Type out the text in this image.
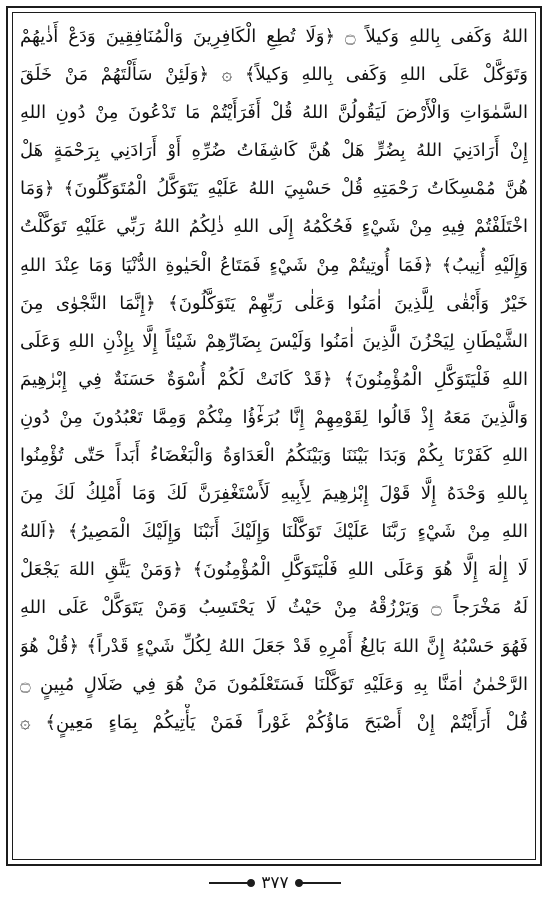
اللهُ وَكَفى بِاللهِ وَكيلاً ۝ ﴿وَلَا تُطِعِ الْكَافِرِينَ وَالْمُنَافِقِينَ وَدَعْ أَذٰيهُمْ
وَتَوَكَّلْ عَلَى اللهِ وَكَفى بِاللهِ وَكيلاً﴾ ۞ ﴿وَلَئِنْ سَأَلْتَهُمْ مَنْ خَلَقَ
السَّمٰوَاتِ وَالْأَرْضَ لَيَقُولُنَّ اللهُ قُلْ أَفَرَأَيْتُمْ مَا تَدْعُونَ مِنْ دُونِ اللهِ
إِنْ أَرَادَنِيَ اللهُ بِضُرٍّ هَلْ هُنَّ كَاشِفَاتُ ضُرِّهِ أَوْ أَرَادَنِي بِرَحْمَةٍ هَلْ
هُنَّ مُمْسِكَاتُ رَحْمَتِهِ قُلْ حَسْبِيَ اللهُ عَلَيْهِ يَتَوَكَّلُ الْمُتَوَكِّلُونَ﴾ ﴿وَمَا
اخْتَلَفْتُمْ فِيهِ مِنْ شَيْءٍ فَحُكْمُهُ إِلَى اللهِ ذٰلِكُمُ اللهُ رَبِّي عَلَيْهِ تَوَكَّلْتُ
وَإِلَيْهِ أُنِيبُ﴾ ﴿فَمَا أُوتِيتُمْ مِنْ شَيْءٍ فَمَتَاعُ الْحَيٰوةِ الدُّنْيَا وَمَا عِنْدَ اللهِ
خَيْرٌ وَأَبْقٰى لِلَّذِينَ اٰمَنُوا وَعَلٰى رَبِّهِمْ يَتَوَكَّلُونَ﴾ ﴿إِنَّمَا النَّجْوٰى مِنَ
الشَّيْطَانِ لِيَحْزُنَ الَّذِينَ اٰمَنُوا وَلَيْسَ بِضَارِّهِمْ شَيْئاً إِلَّا بِإِذْنِ اللهِ وَعَلَى
اللهِ فَلْيَتَوَكَّلِ الْمُؤْمِنُونَ﴾ ﴿قَدْ كَانَتْ لَكُمْ أُسْوَةٌ حَسَنَةٌ فِي إِبْرٰهِيمَ
وَالَّذِينَ مَعَهُ إِذْ قَالُوا لِقَوْمِهِمْ إِنَّا بُرَءٰٓؤُا مِنْكُمْ وَمِمَّا تَعْبُدُونَ مِنْ دُونِ
اللهِ كَفَرْنَا بِكُمْ وَبَدَا بَيْنَنَا وَبَيْنَكُمُ الْعَدَاوَةُ وَالْبَغْضَاءُ أَبَداً حَتّٰى تُؤْمِنُوا
بِاللهِ وَحْدَهُ إِلَّا قَوْلَ إِبْرٰهِيمَ لِأَبِيهِ لَأَسْتَغْفِرَنَّ لَكَ وَمَا أَمْلِكُ لَكَ مِنَ
اللهِ مِنْ شَيْءٍ رَبَّنَا عَلَيْكَ تَوَكَّلْنَا وَإِلَيْكَ أَنَبْنَا وَإِلَيْكَ الْمَصِيرُ﴾ ﴿اَللهُ
لَا إِلٰهَ إِلَّا هُوَ وَعَلَى اللهِ فَلْيَتَوَكَّلِ الْمُؤْمِنُونَ﴾ ﴿وَمَنْ يَتَّقِ اللهَ يَجْعَلْ
لَهُ مَخْرَجاً ۝ وَيَرْزُقْهُ مِنْ حَيْثُ لَا يَحْتَسِبُ وَمَنْ يَتَوَكَّلْ عَلَى اللهِ
فَهُوَ حَسْبُهُ إِنَّ اللهَ بَالِغُ أَمْرِهِ قَدْ جَعَلَ اللهُ لِكُلِّ شَيْءٍ قَدْراً﴾ ﴿قُلْ هُوَ
الرَّحْمٰنُ اٰمَنَّا بِهِ وَعَلَيْهِ تَوَكَّلْنَا فَسَتَعْلَمُونَ مَنْ هُوَ فِي ضَلَالٍ مُبِينٍ ۝
قُلْ أَرَأَيْتُمْ إِنْ أَصْبَحَ مَاؤُكُمْ غَوْراً فَمَنْ يَأْتِيكُمْ بِمَاءٍ مَعِينٍ﴾ ۞
٣٧٧
